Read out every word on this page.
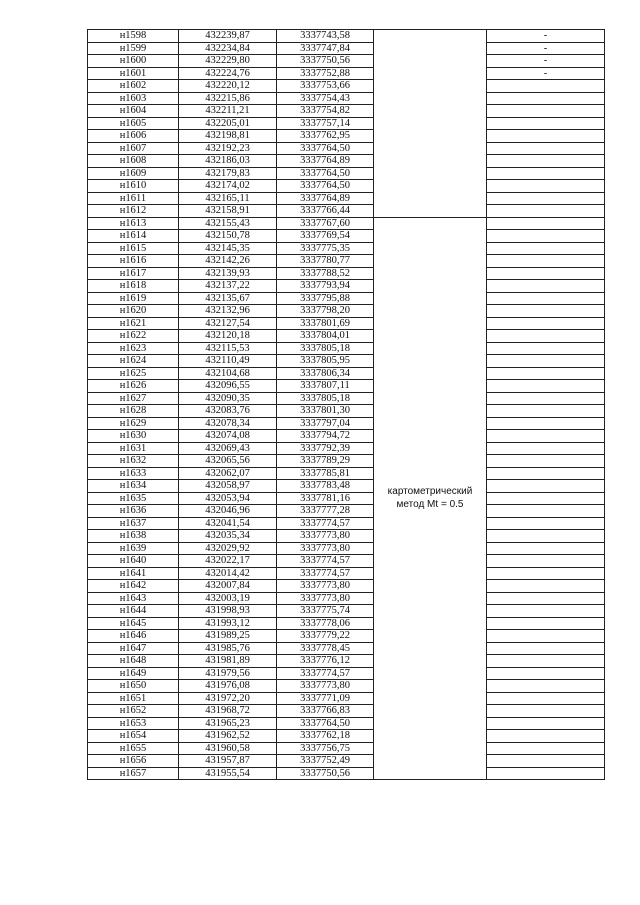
н1598	432239,87	3337743,58		-
н1599	432234,84	3337747,84		-
н1600	432229,80	3337750,56		-
н1601	432224,76	3337752,88		-
н1602	432220,12	3337753,66		
н1603	432215,86	3337754,43		
н1604	432211,21	3337754,82		
н1605	432205,01	3337757,14		
н1606	432198,81	3337762,95		
н1607	432192,23	3337764,50		
н1608	432186,03	3337764,89		
н1609	432179,83	3337764,50		
н1610	432174,02	3337764,50		
н1611	432165,11	3337764,89		
н1612	432158,91	3337766,44		
н1613	432155,43	3337767,60	картометрический метод Mt = 0.5	
н1614	432150,78	3337769,54		
н1615	432145,35	3337775,35		
н1616	432142,26	3337780,77		
н1617	432139,93	3337788,52		
н1618	432137,22	3337793,94		
н1619	432135,67	3337795,88		
н1620	432132,96	3337798,20		
н1621	432127,54	3337801,69		
н1622	432120,18	3337804,01		
н1623	432115,53	3337805,18		
н1624	432110,49	3337805,95		
н1625	432104,68	3337806,34		
н1626	432096,55	3337807,11		
н1627	432090,35	3337805,18		
н1628	432083,76	3337801,30		
н1629	432078,34	3337797,04		
н1630	432074,08	3337794,72		
н1631	432069,43	3337792,39		
н1632	432065,56	3337789,29		
н1633	432062,07	3337785,81		
н1634	432058,97	3337783,48		
н1635	432053,94	3337781,16		
н1636	432046,96	3337777,28		
н1637	432041,54	3337774,57		
н1638	432035,34	3337773,80		
н1639	432029,92	3337773,80		
н1640	432022,17	3337774,57		
н1641	432014,42	3337774,57		
н1642	432007,84	3337773,80		
н1643	432003,19	3337773,80		
н1644	431998,93	3337775,74		
н1645	431993,12	3337778,06		
н1646	431989,25	3337779,22		
н1647	431985,76	3337778,45		
н1648	431981,89	3337776,12		
н1649	431979,56	3337774,57		
н1650	431976,08	3337773,80		
н1651	431972,20	3337771,09		
н1652	431968,72	3337766,83		
н1653	431965,23	3337764,50		
н1654	431962,52	3337762,18		
н1655	431960,58	3337756,75		
н1656	431957,87	3337752,49		
н1657	431955,54	3337750,56		
